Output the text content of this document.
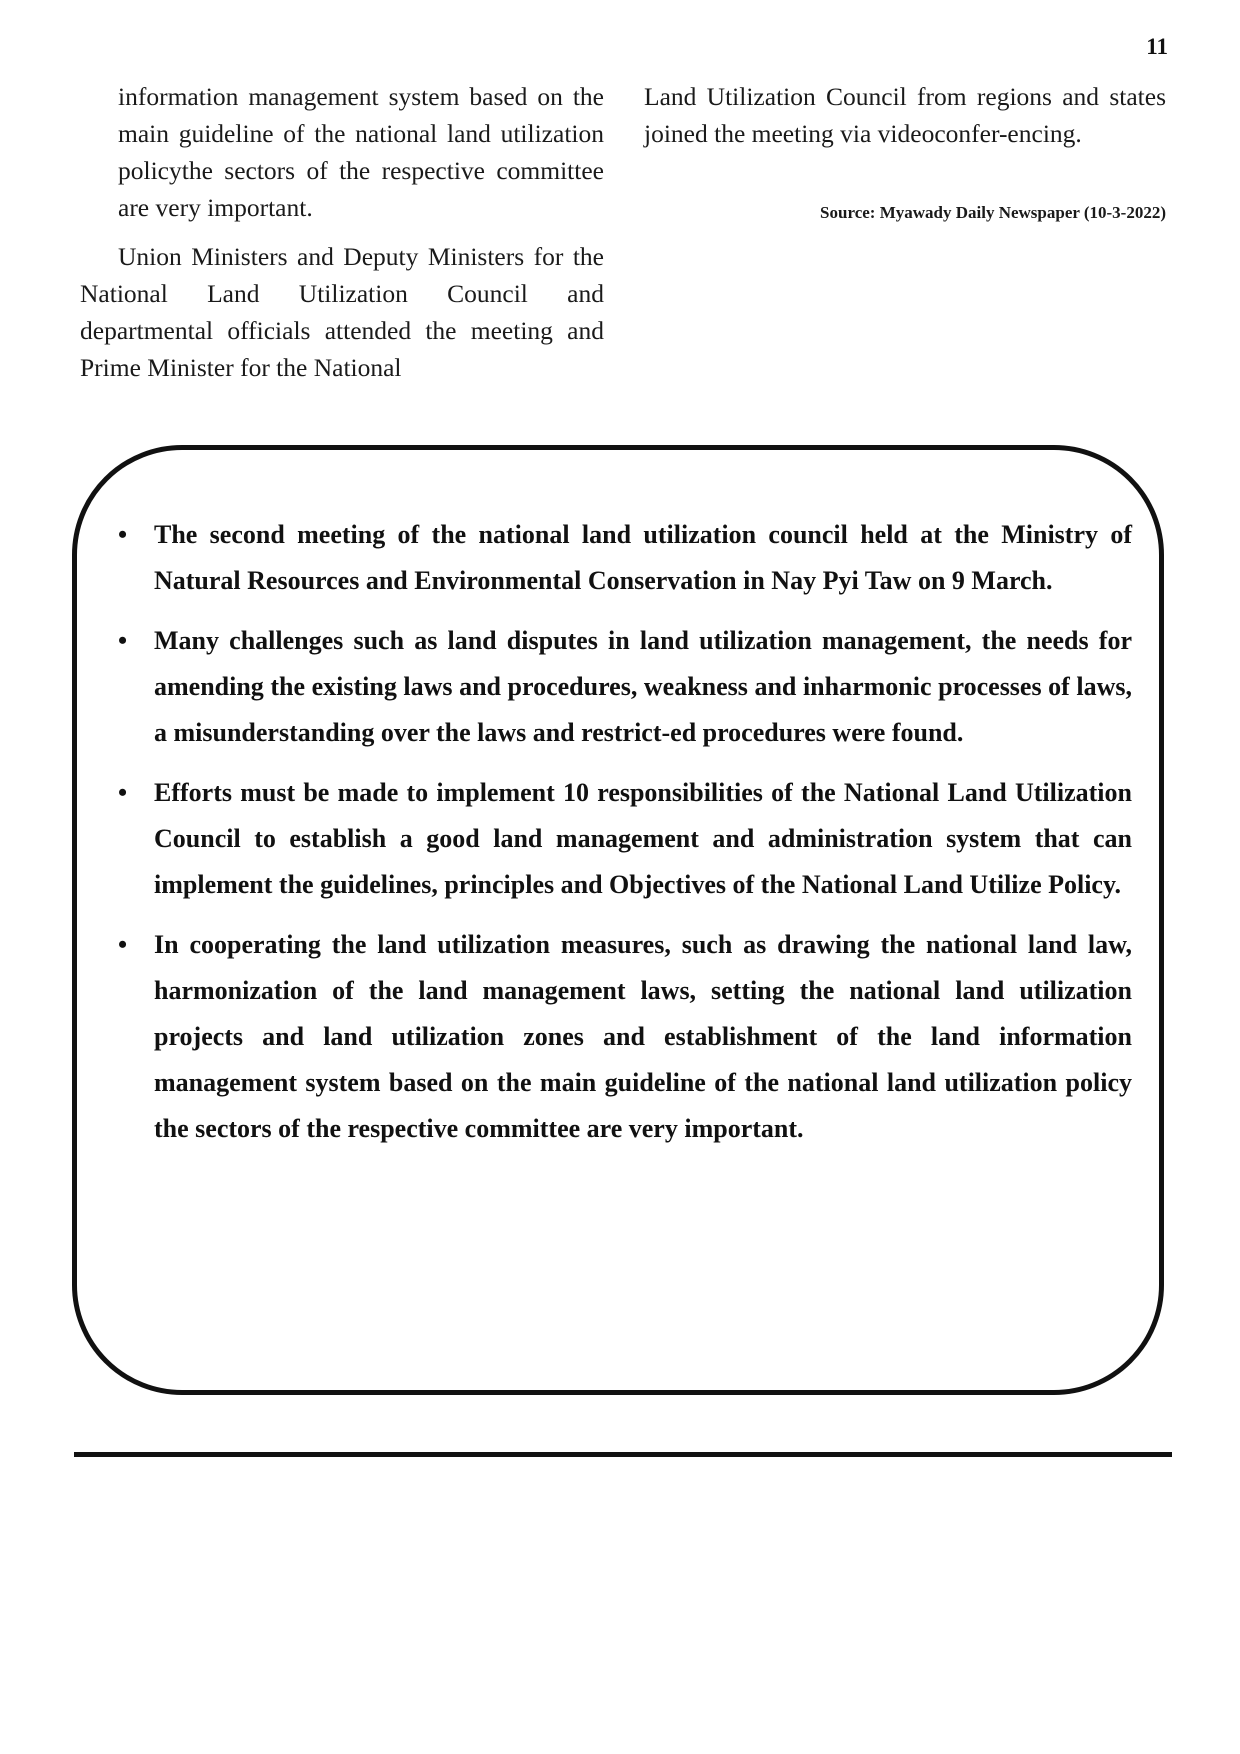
11

information management system based on the main guideline of the national land utilization policythe sectors of the respective committee are very important.

Union Ministers and Deputy Ministers for the National Land Utilization Council and departmental officials attended the meeting and Prime Minister for the National

Land Utilization Council from regions and states joined the meeting via videoconfer-encing.

Source: Myawady Daily Newspaper (10-3-2022)

• The second meeting of the national land utilization council held at the Ministry of Natural Resources and Environmental Conservation in Nay Pyi Taw on 9 March.
• Many challenges such as land disputes in land utilization management, the needs for amending the existing laws and procedures, weakness and inharmonic processes of laws, a misunderstanding over the laws and restrict-ed procedures were found.
• Efforts must be made to implement 10 responsibilities of the National Land Utilization Council to establish a good land management and administration system that can implement the guidelines, principles and Objectives of the National Land Utilize Policy.
• In cooperating the land utilization measures, such as drawing the national land law, harmonization of the land management laws, setting the national land utilization projects and land utilization zones and establishment of the land information management system based on the main guideline of the national land utilization policy the sectors of the respective committee are very important.
